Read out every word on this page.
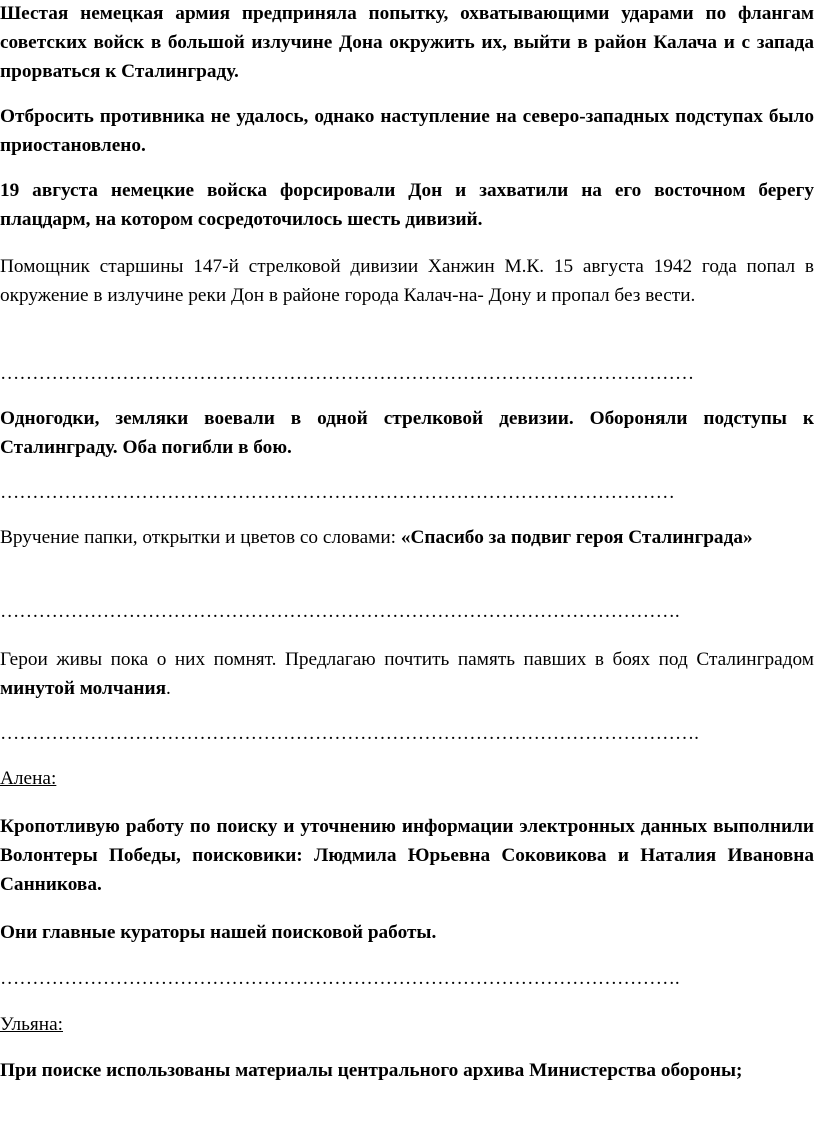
Шестая немецкая армия предприняла попытку, охватывающими ударами по флангам советских войск в большой излучине Дона окружить их, выйти в район Калача и с запада прорваться к Сталинграду.

Отбросить противника не удалось, однако наступление на северо-западных подступах было приостановлено.

19 августа немецкие войска форсировали Дон и захватили на его восточном берегу плацдарм, на котором сосредоточилось шесть дивизий.

Помощник старшины 147-й стрелковой дивизии Ханжин М.К. 15 августа 1942 года попал в окружение в излучине реки Дон в районе города Калач-на- Дону и пропал без вести.

………………………………………………………………………………………………

Одногодки, земляки воевали в одной стрелковой девизии. Обороняли подступы к Сталинграду. Оба погибли в бою.

……………………………………………………………………………………………

Вручение папки, открытки и цветов со словами: «Спасибо за подвиг героя Сталинграда»

…………………………………………………………………………………………….

Герои живы пока о них помнят. Предлагаю почтить память павших в боях под Сталинградом минутой молчания.

……………………………………………………………………………………………….
Алена:

Кропотливую работу по поиску и уточнению информации электронных данных выполнили Волонтеры Победы, поисковики: Людмила Юрьевна Соковикова и Наталия Ивановна Санникова.

Они главные кураторы нашей поисковой работы.

…………………………………………………………………………………………….
Ульяна:

При поиске использованы материалы центрального архива Министерства обороны;
